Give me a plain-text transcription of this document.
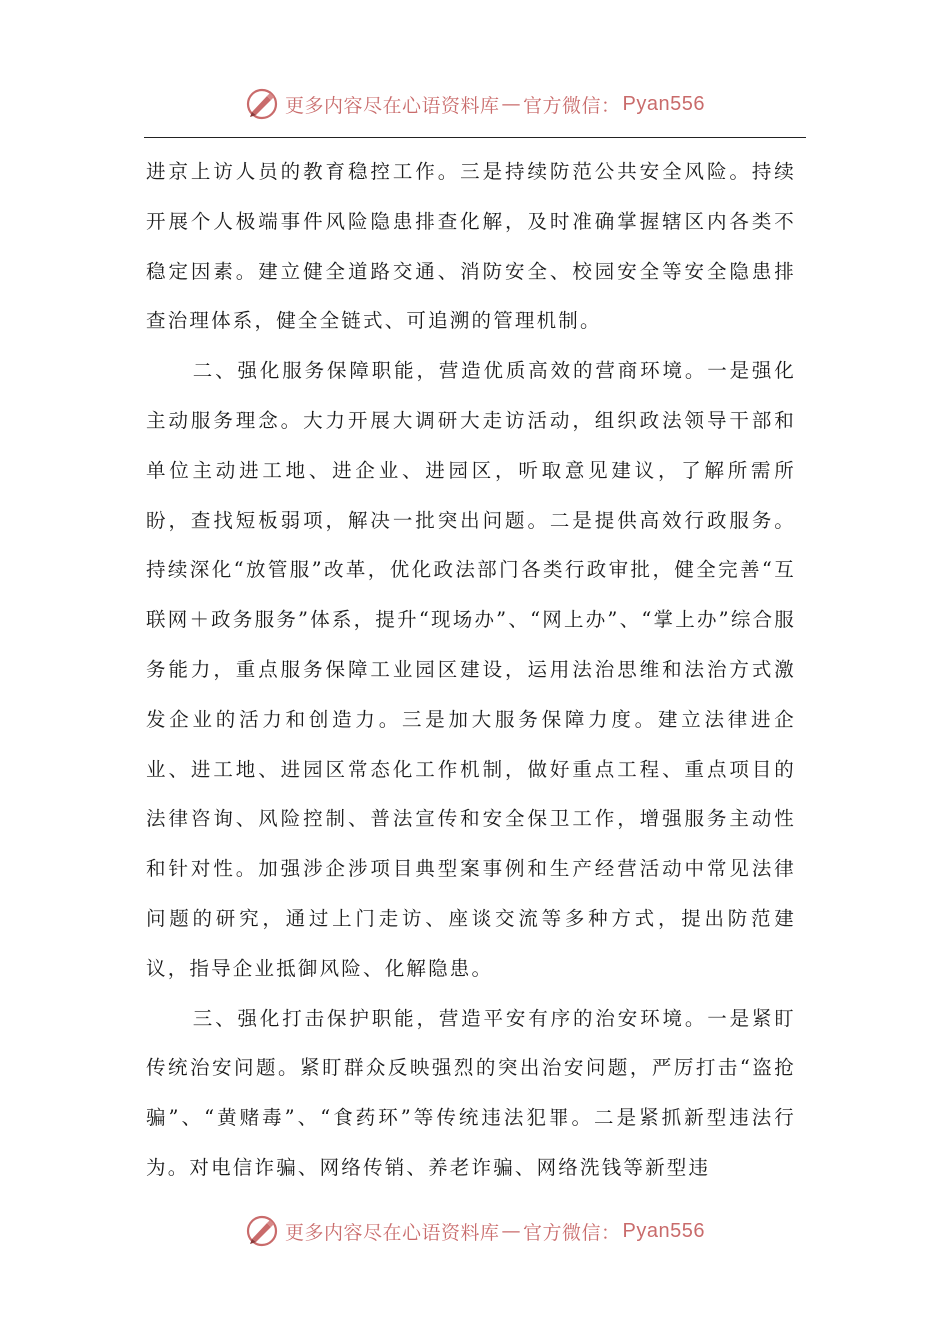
更多内容尽在心语资料库 — 官方微信： Pyan556

进京上访人员的教育稳控工作。三是持续防范公共安全风险。持续开展个人极端事件风险隐患排查化解，及时准确掌握辖区内各类不稳定因素。建立健全道路交通、消防安全、校园安全等安全隐患排查治理体系，健全全链式、可追溯的管理机制。

二、强化服务保障职能，营造优质高效的营商环境。一是强化主动服务理念。大力开展大调研大走访活动，组织政法领导干部和单位主动进工地、进企业、进园区，听取意见建议，了解所需所盼，查找短板弱项，解决一批突出问题。二是提供高效行政服务。持续深化“放管服”改革，优化政法部门各类行政审批，健全完善“互联网＋政务服务”体系，提升“现场办”、“网上办”、“掌上办”综合服务能力，重点服务保障工业园区建设，运用法治思维和法治方式激发企业的活力和创造力。三是加大服务保障力度。建立法律进企业、进工地、进园区常态化工作机制，做好重点工程、重点项目的法律咨询、风险控制、普法宣传和安全保卫工作，增强服务主动性和针对性。加强涉企涉项目典型案事例和生产经营活动中常见法律问题的研究，通过上门走访、座谈交流等多种方式，提出防范建议，指导企业抵御风险、化解隐患。

三、强化打击保护职能，营造平安有序的治安环境。一是紧盯传统治安问题。紧盯群众反映强烈的突出治安问题，严厉打击“盗抢骗”、“黄赌毒”、“食药环”等传统违法犯罪。二是紧抓新型违法行为。对电信诈骗、网络传销、养老诈骗、网络洗钱等新型违

更多内容尽在心语资料库 — 官方微信： Pyan556
